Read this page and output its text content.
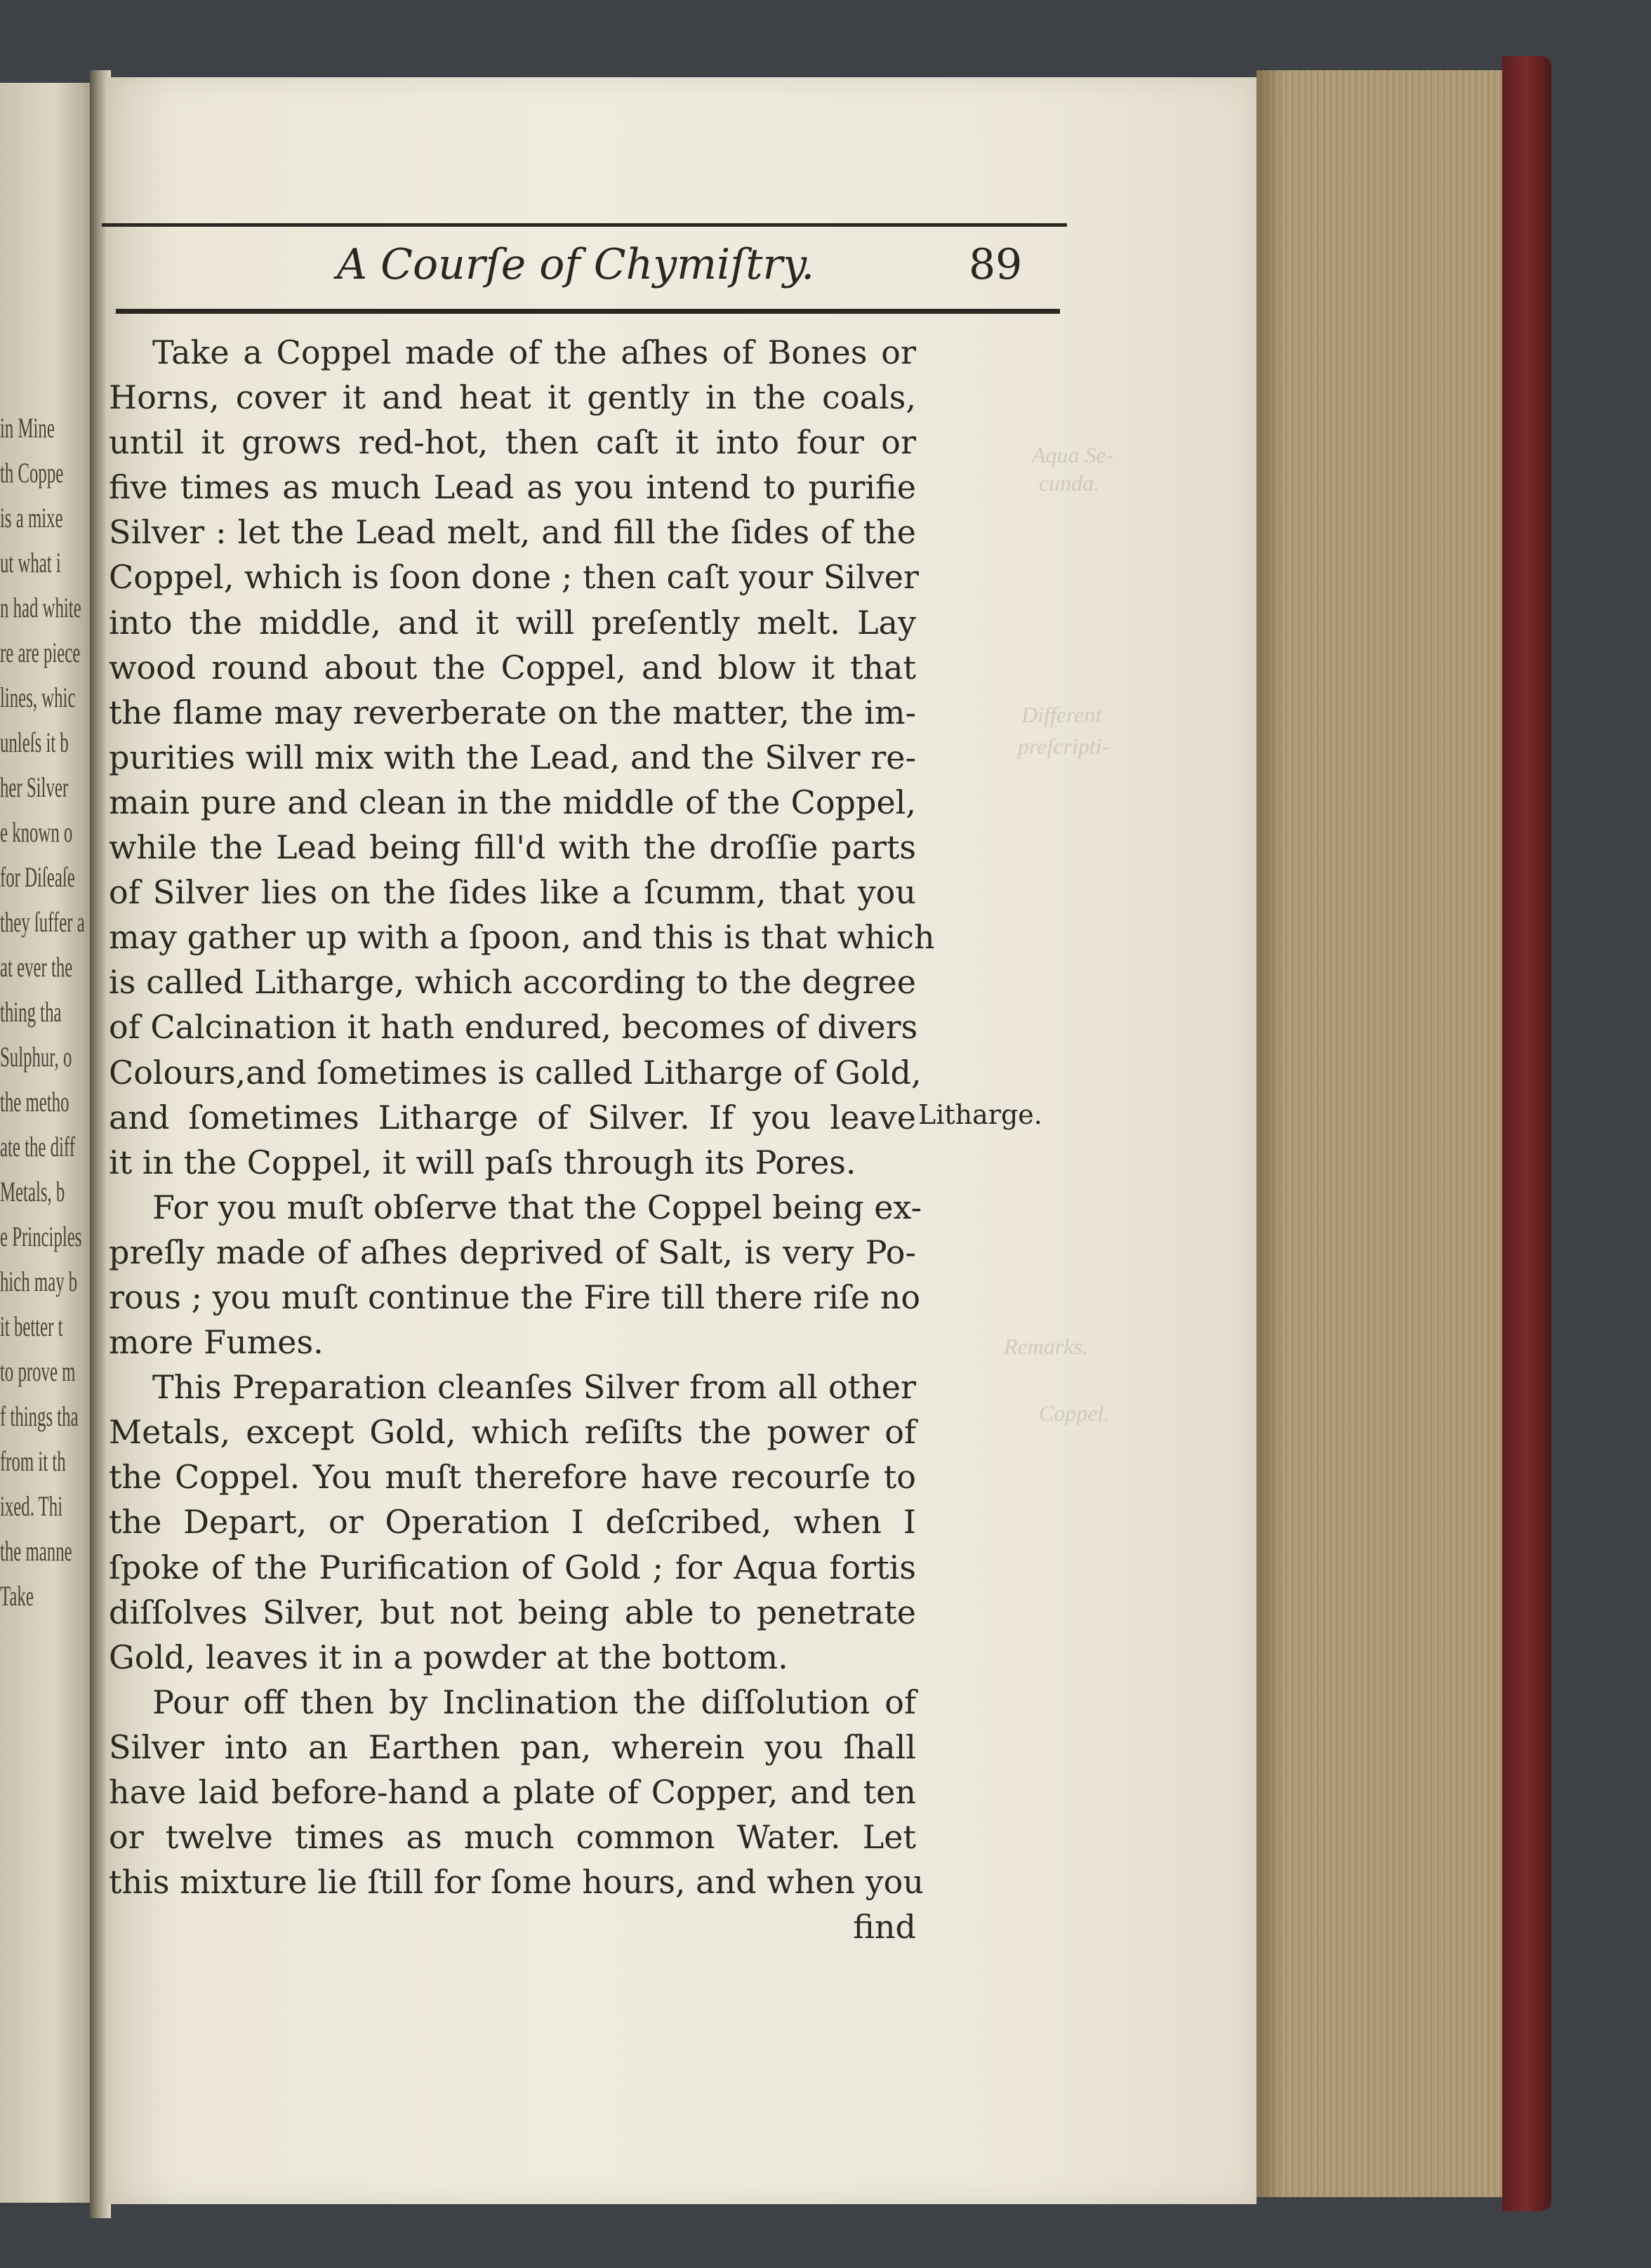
in Mine
th Coppe
is a mixe
ut what i
n had white
re are piece
lines, whic
unleſs it b
her Silver
e known o
for Diſeaſe
they ſuffer a
at ever the
thing tha
Sulphur, o
the metho
ate the diff
Metals, b
e Principles
hich may b
it better t
to prove m
f things tha
from it th
ixed. Thi
the manne
Take
Aqua Se-
cunda.
Different
preſcripti-
Remarks.
Coppel.
A Courſe of Chymiſtry.	89
Take a Coppel made of the aſhes of Bones or
Horns, cover it and heat it gently in the coals,
until it grows red-hot, then caſt it into four or
five times as much Lead as you intend to purifie
Silver : let the Lead melt, and fill the ſides of the
Coppel, which is ſoon done ; then caſt your Silver
into the middle, and it will preſently melt. Lay
wood round about the Coppel, and blow it that
the flame may reverberate on the matter, the im-
purities will mix with the Lead, and the Silver re-
main pure and clean in the middle of the Coppel,
while the Lead being fill'd with the droſſie parts
of Silver lies on the ſides like a ſcumm, that you
may gather up with a ſpoon, and this is that which
is called Litharge, which according to the degree
of Calcination it hath endured, becomes of divers
Colours,and ſometimes is called Litharge of Gold,
and ſometimes Litharge of Silver. If you leave
it in the Coppel, it will paſs through its Pores.
For you muſt obſerve that the Coppel being ex-
preſly made of aſhes deprived of Salt, is very Po-
rous ; you muſt continue the Fire till there riſe no
more Fumes.
This Preparation cleanſes Silver from all other
Metals, except Gold, which reſiſts the power of
the Coppel. You muſt therefore have recourſe to
the Depart, or Operation I deſcribed, when I
ſpoke of the Purification of Gold ; for Aqua fortis
diſſolves Silver, but not being able to penetrate
Gold, leaves it in a powder at the bottom.
Pour off then by Inclination the diſſolution of
Silver into an Earthen pan, wherein you ſhall
have laid before-hand a plate of Copper, and ten
or twelve times as much common Water. Let
this mixture lie ſtill for ſome hours, and when you
find
Litharge.
